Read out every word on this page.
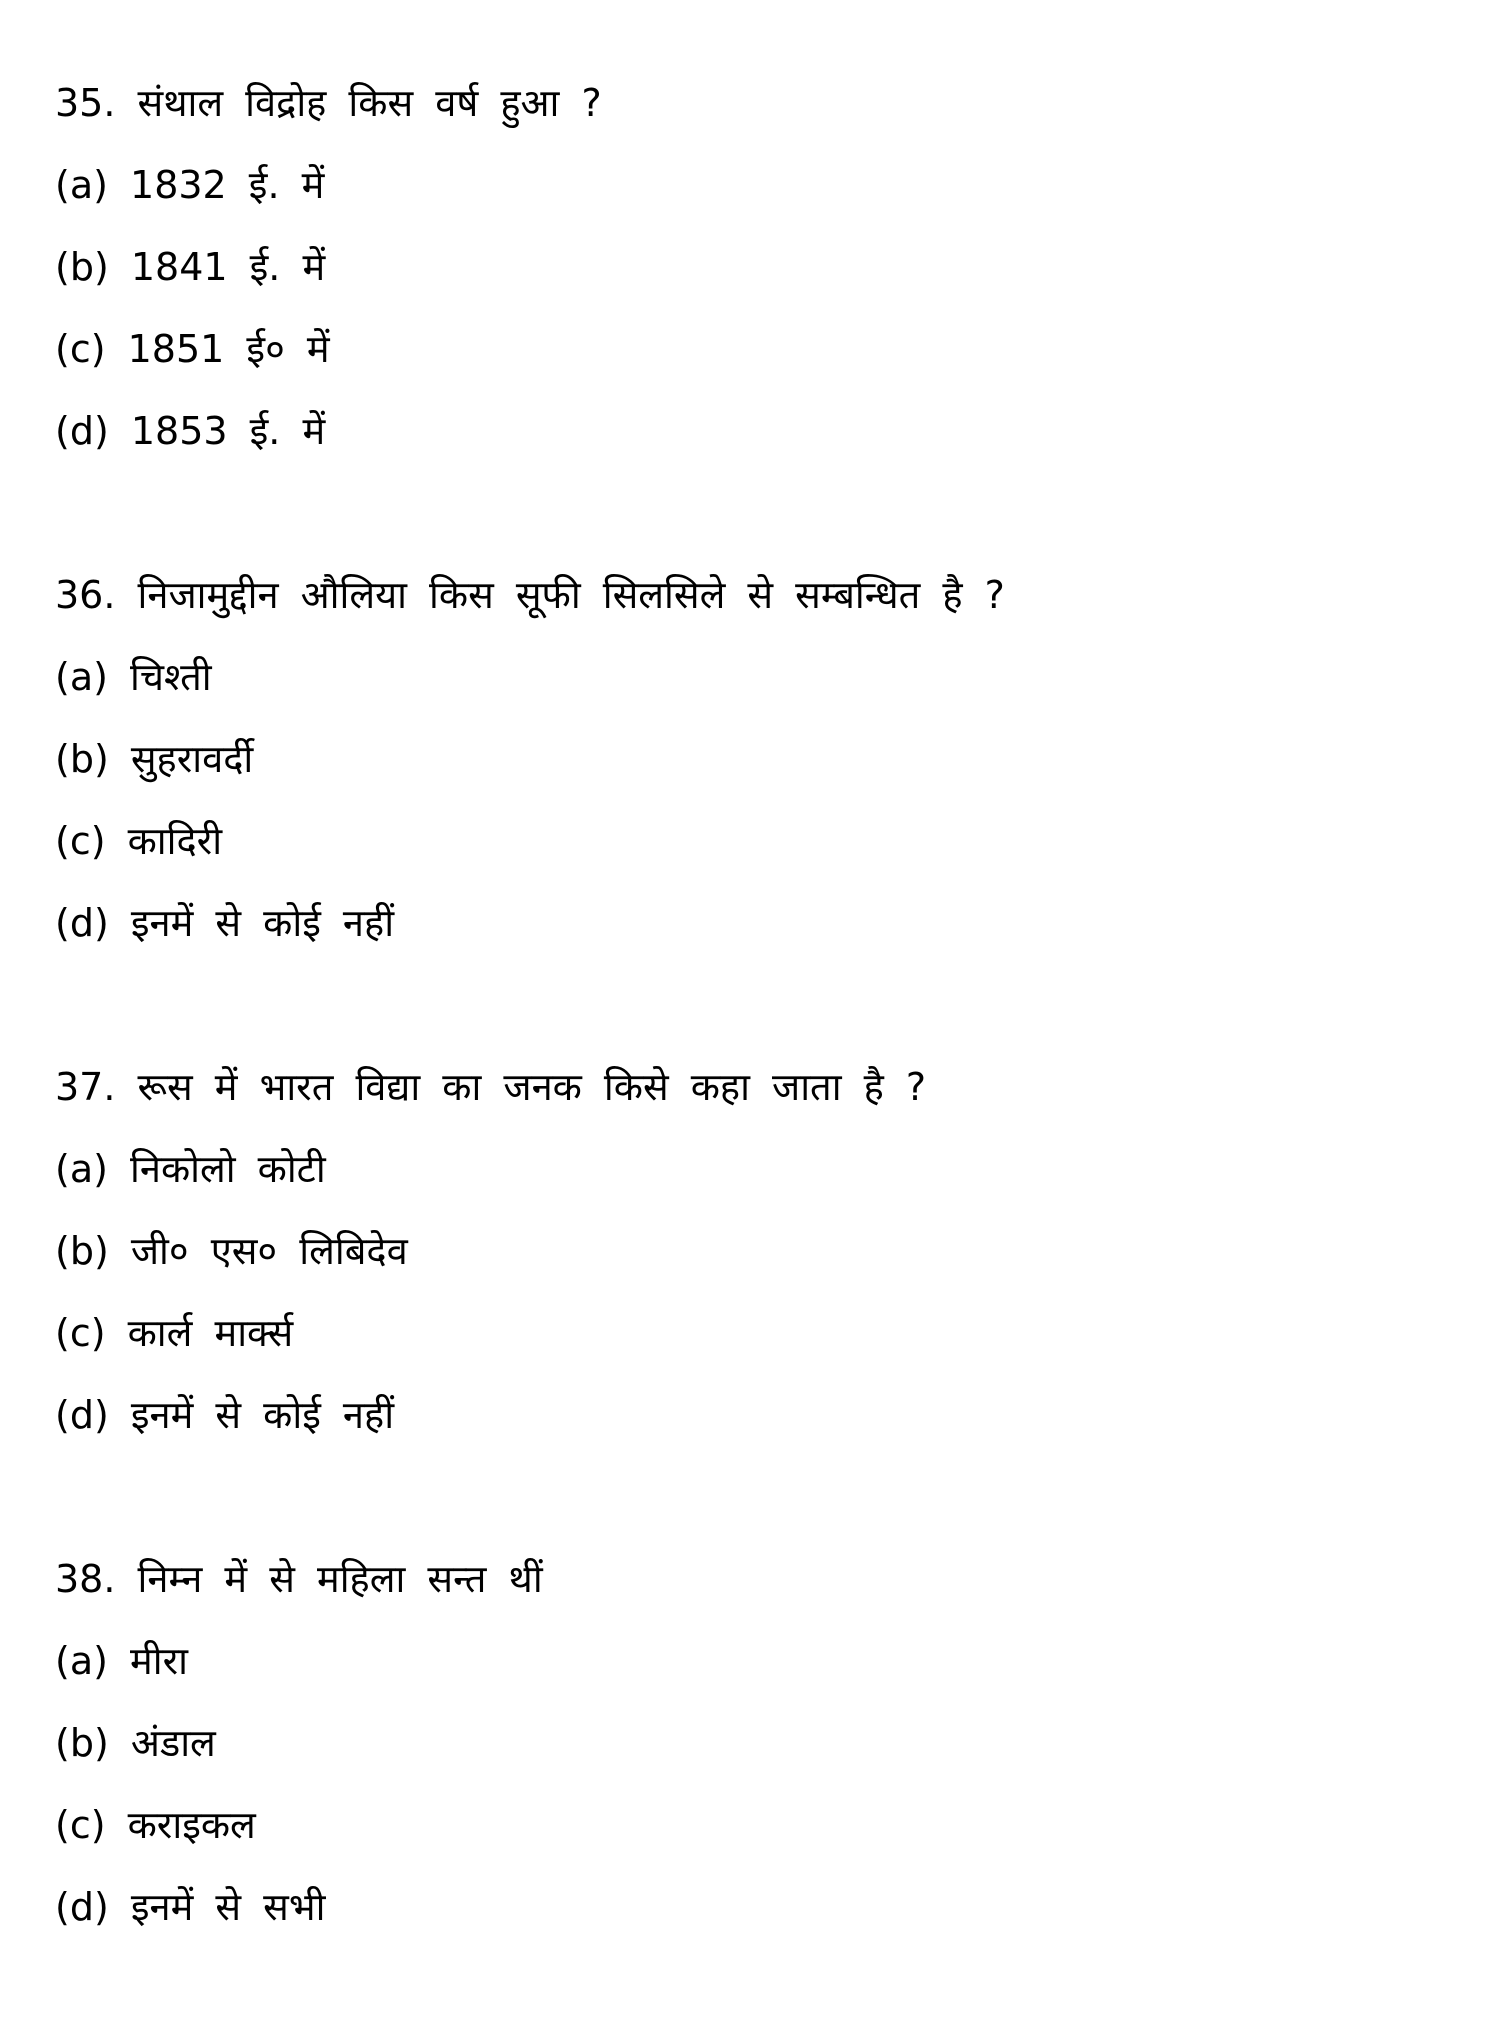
35. संथाल विद्रोह किस वर्ष हुआ ?
(a) 1832 ई. में
(b) 1841 ई. में
(c) 1851 ई० में
(d) 1853 ई. में
36. निजामुद्दीन औलिया किस सूफी सिलसिले से सम्बन्धित है ?
(a) चिश्ती
(b) सुहरावर्दी
(c) कादिरी
(d) इनमें से कोई नहीं
37. रूस में भारत विद्या का जनक किसे कहा जाता है ?
(a) निकोलो कोटी
(b) जी० एस० लिबिदेव
(c) कार्ल मार्क्स
(d) इनमें से कोई नहीं
38. निम्न में से महिला सन्त थीं
(a) मीरा
(b) अंडाल
(c) कराइकल
(d) इनमें से सभी
